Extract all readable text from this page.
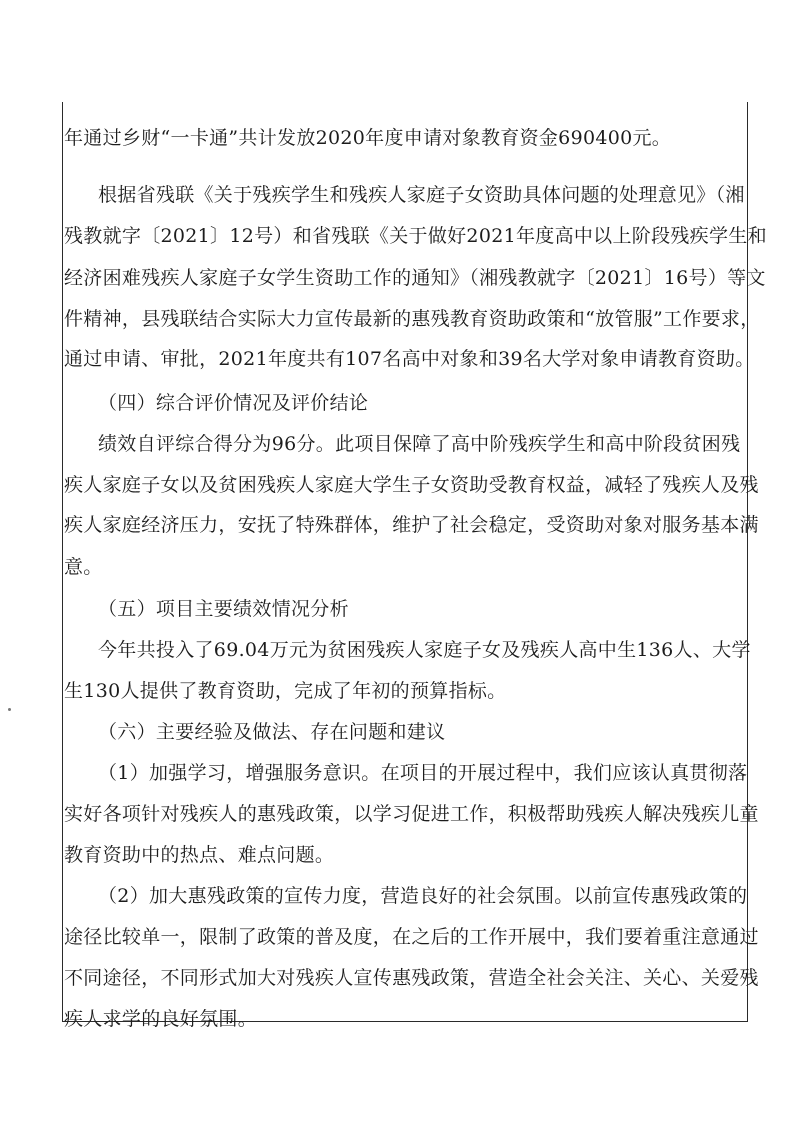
年通过乡财“一卡通”共计发放2020年度申请对象教育资金690400元。
根据省残联《关于残疾学生和残疾人家庭子女资助具体问题的处理意见》（湘
残教就字〔2021〕12号）和省残联《关于做好2021年度高中以上阶段残疾学生和
经济困难残疾人家庭子女学生资助工作的通知》（湘残教就字〔2021〕16号）等文
件精神，县残联结合实际大力宣传最新的惠残教育资助政策和“放管服”工作要求，
通过申请、审批，2021年度共有107名高中对象和39名大学对象申请教育资助。
（四）综合评价情况及评价结论
绩效自评综合得分为96分。此项目保障了高中阶残疾学生和高中阶段贫困残
疾人家庭子女以及贫困残疾人家庭大学生子女资助受教育权益，减轻了残疾人及残
疾人家庭经济压力，安抚了特殊群体，维护了社会稳定，受资助对象对服务基本满
意。
（五）项目主要绩效情况分析
今年共投入了69.04万元为贫困残疾人家庭子女及残疾人高中生136人、大学
生130人提供了教育资助，完成了年初的预算指标。
（六）主要经验及做法、存在问题和建议
（1）加强学习，增强服务意识。在项目的开展过程中，我们应该认真贯彻落
实好各项针对残疾人的惠残政策，以学习促进工作，积极帮助残疾人解决残疾儿童
教育资助中的热点、难点问题。
（2）加大惠残政策的宣传力度，营造良好的社会氛围。以前宣传惠残政策的
途径比较单一，限制了政策的普及度，在之后的工作开展中，我们要着重注意通过
不同途径，不同形式加大对残疾人宣传惠残政策，营造全社会关注、关心、关爱残
疾人求学的良好氛围。
